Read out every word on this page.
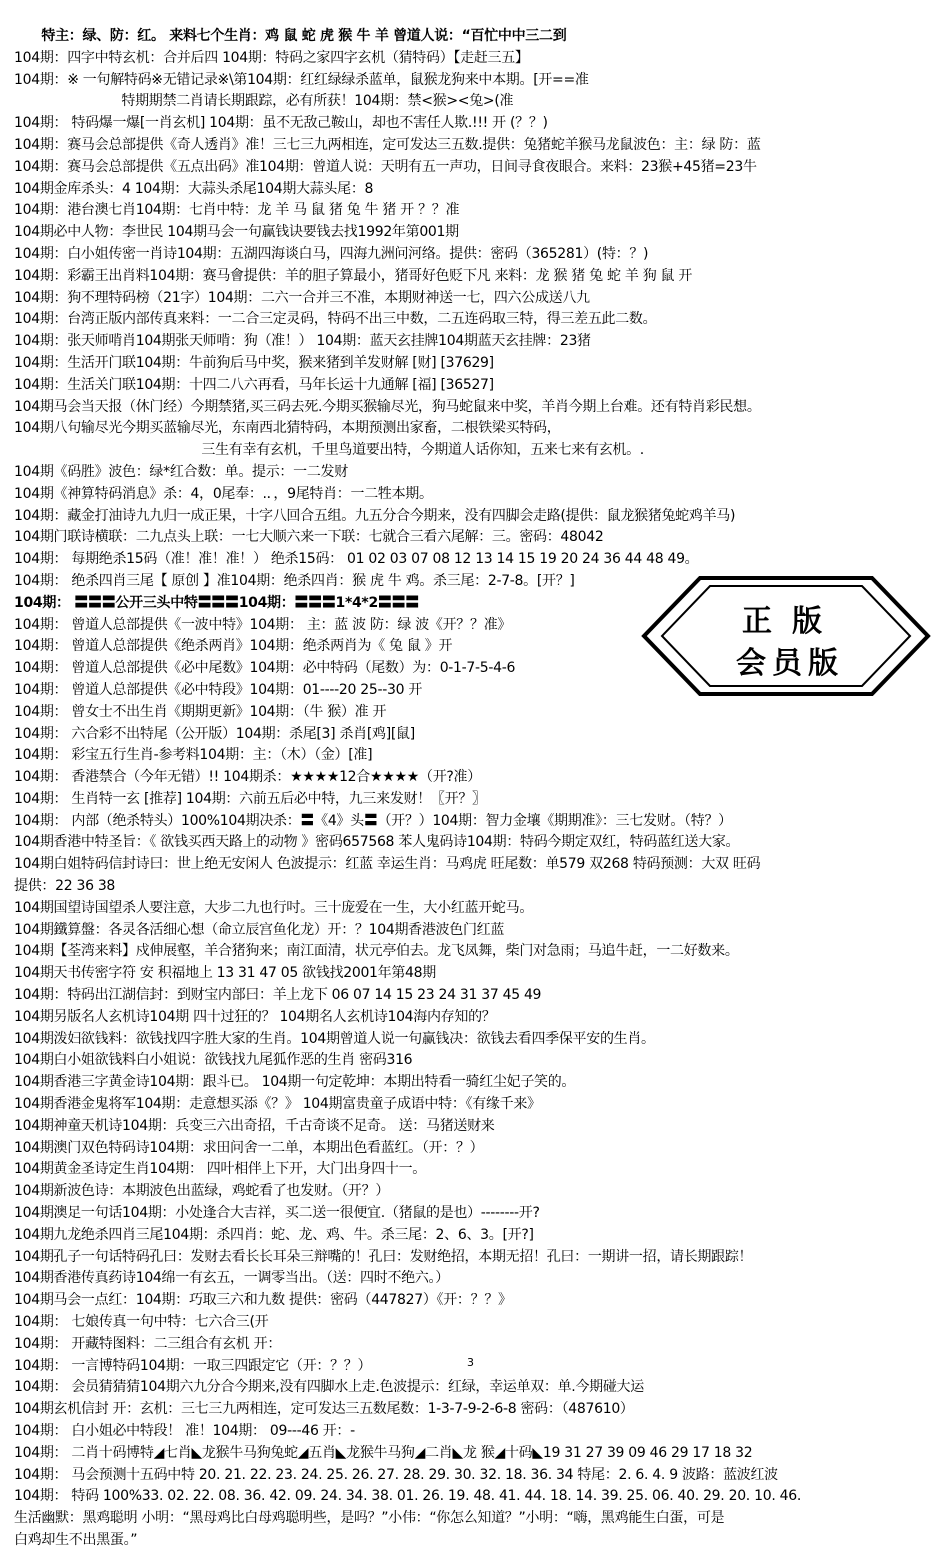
　　特主：绿、防：红。 来料七个生肖：鸡 鼠 蛇 虎 猴 牛 羊 曾道人说：“百忙中中三二到
104期：四字中特玄机：合并后四 104期：特码之家四字玄机（猜特码）【走赶三五】
104期：※ 一句解特码※无错记录※\第104期：红红绿绿杀蓝单，鼠猴龙狗来中本期。[开==准
　　特期期禁二肖请长期跟踪，必有所获！104期：禁<猴><兔>(准
104期： 特码爆一爆[一肖玄机] 104期：虽不无敌己鞍山，却也不害任人欺.!!! 开 (？？)
104期：赛马会总部提供《奇人透肖》准！三七三九两相连，定可发达三五数.提供：兔猪蛇羊猴马龙鼠波色：主：绿 防：蓝
104期：赛马会总部提供《五点出码》准104期：曾道人说：天明有五一声功，日间寻食夜眼合。来料：23猴+45猪=23牛
104期金库杀头：4 104期：大蒜头杀尾104期大蒜头尾：8
104期：港台澳七肖104期：七肖中特：龙 羊 马 鼠 猪 兔 牛 猪 开 ？？准
104期必中人物：李世民 104期马会一句赢钱诀要钱去找1992年第001期
104期：白小姐传密一肖诗104期：五湖四海谈白马，四海九洲问河络。提供：密码（365281）(特：？)
104期：彩霸王出肖料104期：赛马會提供：羊的胆子算最小，猪哥好色贬下凡 来料：龙 猴 猪 兔 蛇 羊 狗 鼠 开
104期：狗不理特码榜（21字）104期：二六一合并三不准，本期财神送一七，四六公成送八九
104期：台湾正版内部传真来料：一二合三定灵码，特码不出三中数，二五连码取三特，得三差五此二数。
104期：张天师啃肖104期张天师啃：狗（准！） 104期：蓝天玄挂牌104期蓝天玄挂牌：23猪
104期：生活开门联104期：牛前狗后马中奖，猴来猪到羊发财解 [财] [37629]
104期：生活关门联104期：十四二八六再看，马年长运十九通解 [福] [36527]
104期马会当天报（休门经）今期禁猪,买三码去死.今期买猴输尽光，狗马蛇鼠来中奖，羊肖今期上台难。还有特肖彩民想。
104期八句输尽光今期买蓝输尽光，东南西北猜特码，本期预测出家畜，二根铁梁买特码，
　　三生有幸有玄机，千里鸟道要出特，今期道人话你知，五来七来有玄机。.
104期《码胜》波色：绿*红合数：单。提示：一二发财
104期《神算特码消息》杀：4，0尾奉：.．，9尾特肖：一二牲本期。
104期：藏金打油诗九九归一成正果，十字八回合五组。九五分合今期来，没有四脚会走路(提供：鼠龙猴猪兔蛇鸡羊马)
104期门联诗横联：二九点头上联：一七大顺六来一下联：七就合三看六尾解：三。密码：48042
104期： 每期绝杀15码（准！准！准！） 绝杀15码： 01 02 03 07 08 12 13 14 15 19 20 24 36 44 48 49。
104期： 绝杀四肖三尾【 原创 】准104期：绝杀四肖：猴 虎 牛 鸡。杀三尾：2-7-8。[开？]
104期： 〓〓〓公开三头中特〓〓〓104期：〓〓〓1*4*2〓〓〓
104期： 曾道人总部提供《一波中特》104期： 主：蓝 波 防：绿 波《开？？准》
104期： 曾道人总部提供《绝杀两肖》104期：绝杀两肖为《 兔 鼠 》开
104期： 曾道人总部提供《必中尾数》104期：必中特码（尾数）为：0-1-7-5-4-6
104期： 曾道人总部提供《必中特段》104期：01----20 25--30 开
104期： 曾女士不出生肖《期期更新》104期：（牛 猴）准 开
104期： 六合彩不出特尾（公开版）104期：杀尾[3] 杀肖[鸡][鼠]
104期： 彩宝五行生肖-参考料104期：主：（木）（金）[准]
104期： 香港禁合（今年无错）!! 104期杀：★★★★12合★★★★（开?准）
104期： 生肖特一玄 [推荐] 104期：六前五后必中特，九三来发财！〖开？〗
104期： 内部（绝杀特头）100%104期决杀：〓《4》头〓（开？）104期：智力金壤《期期准》：三七发财。（特？）
104期香港中特圣旨：《 欲钱买西天路上的动物 》密码657568 苯人鬼码诗104期：特码今期定双红，特码蓝红送大家。
104期白姐特码信封诗曰：世上绝无安闲人 色波提示：红蓝 幸运生肖：马鸡虎 旺尾数：单579 双268 特码预测：大双 旺码
提供：22 36 38
104期国望诗国望杀人要注意，大步二九也行吋。三十庞爱在一生，大小红蓝开蛇马。
104期鐵算盤：各灵各活细心想（命立辰宫鱼化龙）开：？104期香港波色门红蓝
104期【荃湾来料】戍伸展壑，羊合猪狗来；南江面清，状元亭伯去。龙飞凤舞，柴门对急雨；马追牛赶，一二好数来。
104期天书传密字符 安 积福地上 13 31 47 05 欲钱找2001年第48期
104期：特码出江湖信封：到财宝内部曰：羊上龙下 06 07 14 15 23 24 31 37 45 49
104期另版名人玄机诗104期 四十过狂的？ 104期名人玄机诗104海内存知的？
104期泼妇欲钱料：欲钱找四字胜大家的生肖。104期曾道人说一句赢钱决：欲钱去看四季保平安的生肖。
104期白小姐欲钱料白小姐说：欲钱找九尾狐作恶的生肖 密码316
104期香港三字黄金诗104期：跟斗已。 104期一句定乾坤：本期出特看一骑红尘妃子笑的。
104期香港金鬼将军104期：走意想买添《？》 104期富贵童子成语中特：《有缘千来》
104期神童天机诗104期：兵变三六出奇招，千古奇谈不足奇。 送：马猪送财来
104期澳门双色特码诗104期：求田问舍一二单，本期出色看蓝红。（开：？）
104期黄金圣诗定生肖104期： 四叶相伴上下开，大门出身四十一。
104期新波色诗：本期波色出蓝绿，鸡蛇看了也发财。（开？）
104期澳足一句话104期：小处逢合大吉祥，买二送一很便宜.（猪鼠的是也）--------开?
104期九龙绝杀四肖三尾104期：杀四肖：蛇、龙、鸡、牛。杀三尾：2、6、3。[开?]
104期孔子一句话特码孔曰：发财去看长长耳朵三辩嘴的！孔曰：发财绝招，本期无招！孔曰：一期讲一招，请长期跟踪！
104期香港传真药诗104绵一有玄五，一调零当出。（送：四时不绝六。）
104期马会一点红：104期：巧取三六和九数 提供：密码（447827）《开：？？》
104期： 七娘传真一句中特：七六合三(开
104期： 开藏特图料：二三组合有玄机 开：
104期： 一言博特码104期：一取三四跟定它（开：？？）
104期： 会员猜猜猜104期六九分合今期来,没有四脚水上走.色波提示：红绿，幸运单双：单.今期碰大运
104期玄机信封 开：玄机：三七三九两相连，定可发达三五数尾数：1-3-7-9-2-6-8 密码：（487610）
104期： 白小姐必中特段！ 准！104期： 09---46 开：-
104期： 二肖十码博特◢七肖◣龙猴牛马狗兔蛇◢五肖◣龙猴牛马狗◢二肖◣龙 猴◢十码◣19 31 27 39 09 46 29 17 18 32
104期： 马会预测十五码中特 20. 21. 22. 23. 24. 25. 26. 27. 28. 29. 30. 32. 18. 36. 34 特尾：2. 6. 4. 9 波路：蓝波红波
104期： 特码 100%33. 02. 22. 08. 36. 42. 09. 24. 34. 38. 01. 26. 19. 48. 41. 44. 18. 14. 39. 25. 06. 40. 29. 20. 10. 46.
生活幽默：黑鸡聪明 小明：“黑母鸡比白母鸡聪明些，是吗？”小伟：“你怎么知道？”小明：“嗨，黑鸡能生白蛋，可是
白鸡却生不出黑蛋。”
正版
会员版
3
